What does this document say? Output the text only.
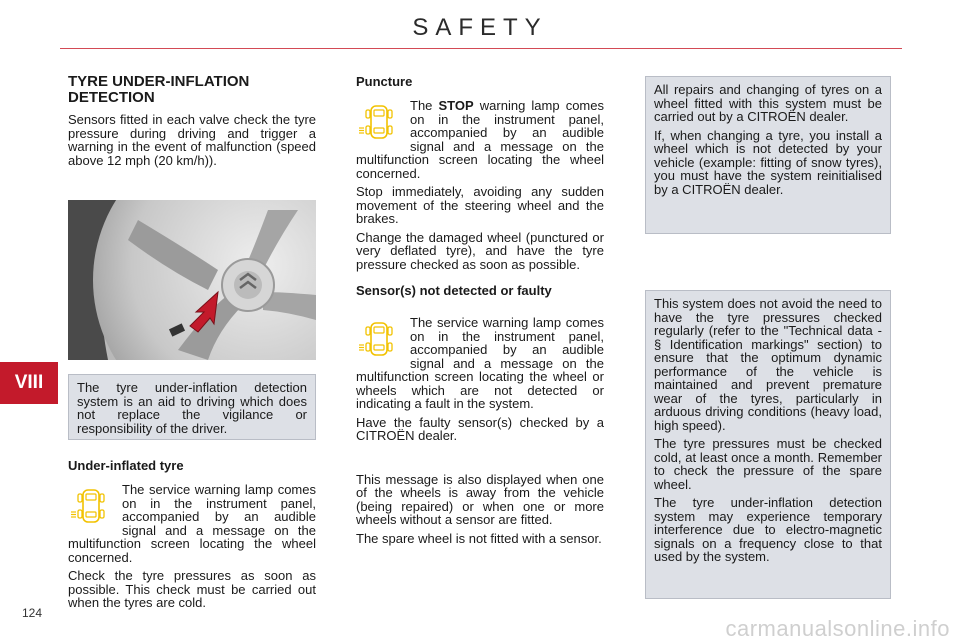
SAFETY
VIII
124
TYRE UNDER-INFLATION DETECTION

Sensors fitted in each valve check the tyre pressure during driving and trigger a warning in the event of malfunction (speed above 12 mph (20 km/h)).

The tyre under-inflation detection system is an aid to driving which does not replace the vigilance or responsibility of the driver.

Under-inflated tyre

The service warning lamp comes on in the instrument panel, accompanied by an audible signal and a message on the multifunction screen locating the wheel concerned.

Check the tyre pressures as soon as possible. This check must be carried out when the tyres are cold.

Puncture

The STOP warning lamp comes on in the instrument panel, accompanied by an audible signal and a message on the multifunction screen locating the wheel concerned.

Stop immediately, avoiding any sudden movement of the steering wheel and the brakes.

Change the damaged wheel (punctured or very deflated tyre), and have the tyre pressure checked as soon as possible.

Sensor(s) not detected or faulty

The service warning lamp comes on in the instrument panel, accompanied by an audible signal and a message on the multifunction screen locating the wheel or wheels which are not detected or indicating a fault in the system.

Have the faulty sensor(s) checked by a CITROËN dealer.

This message is also displayed when one of the wheels is away from the vehicle (being repaired) or when one or more wheels without a sensor are fitted.

The spare wheel is not fitted with a sensor.

All repairs and changing of tyres on a wheel fitted with this system must be carried out by a CITROËN dealer.

If, when changing a tyre, you install a wheel which is not detected by your vehicle (example: fitting of snow tyres), you must have the system reinitialised by a CITROËN dealer.

This system does not avoid the need to have the tyre pressures checked regularly (refer to the "Technical data - § Identification markings" section) to ensure that the optimum dynamic performance of the vehicle is maintained and prevent premature wear of the tyres, particularly in arduous driving conditions (heavy load, high speed).

The tyre pressures must be checked cold, at least once a month. Remember to check the pressure of the spare wheel.

The tyre under-inflation detection system may experience temporary interference due to electro-magnetic signals on a frequency close to that used by the system.

carmanualsonline.info
